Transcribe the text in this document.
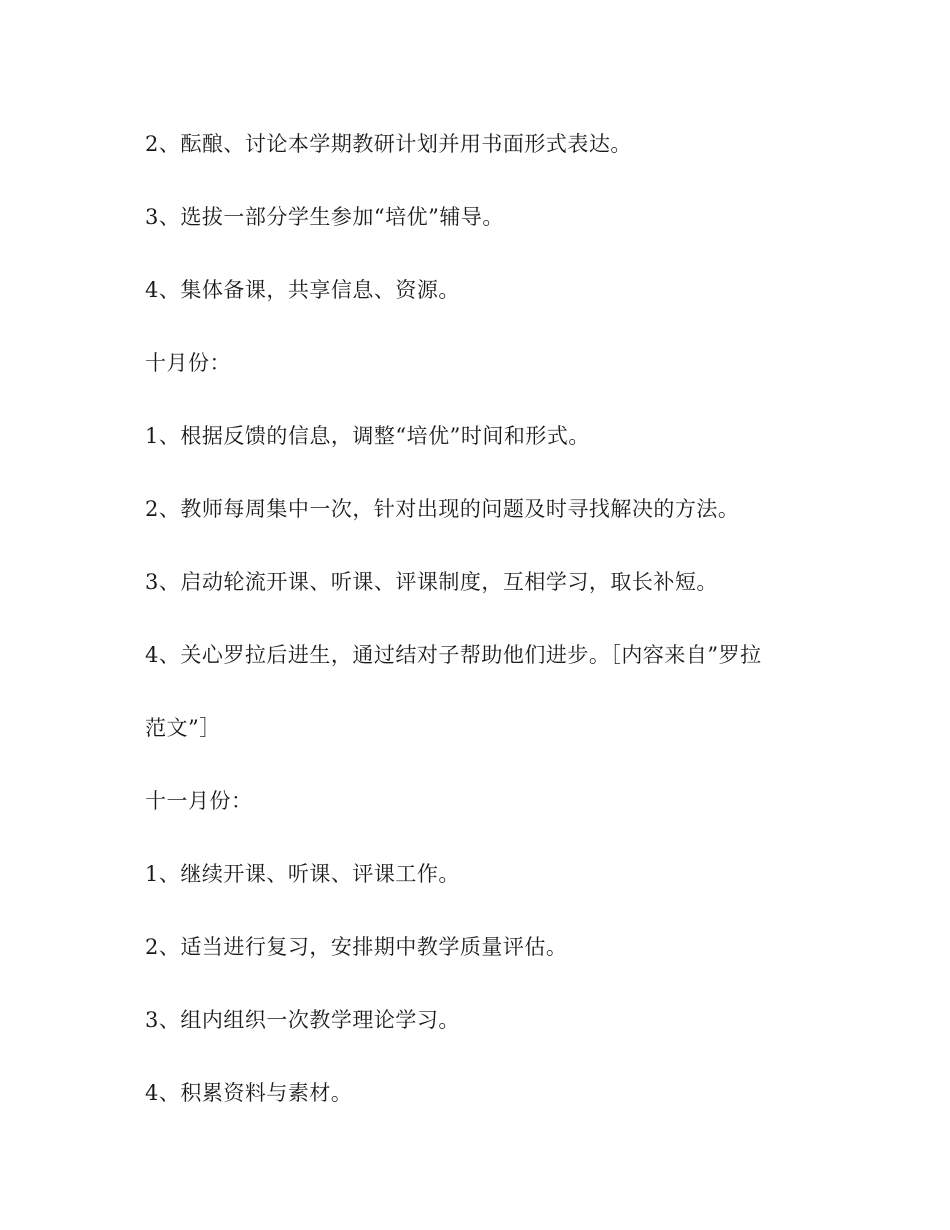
2、酝酿、讨论本学期教研计划并用书面形式表达。

3、选拔一部分学生参加“培优”辅导。

4、集体备课，共享信息、资源。

十月份：

1、根据反馈的信息，调整“培优”时间和形式。

2、教师每周集中一次，针对出现的问题及时寻找解决的方法。

3、启动轮流开课、听课、评课制度，互相学习，取长补短。

4、关心罗拉后进生，通过结对子帮助他们进步。［内容来自”罗拉

范文”］

十一月份：

1、继续开课、听课、评课工作。

2、适当进行复习，安排期中教学质量评估。

3、组内组织一次教学理论学习。

4、积累资料与素材。
